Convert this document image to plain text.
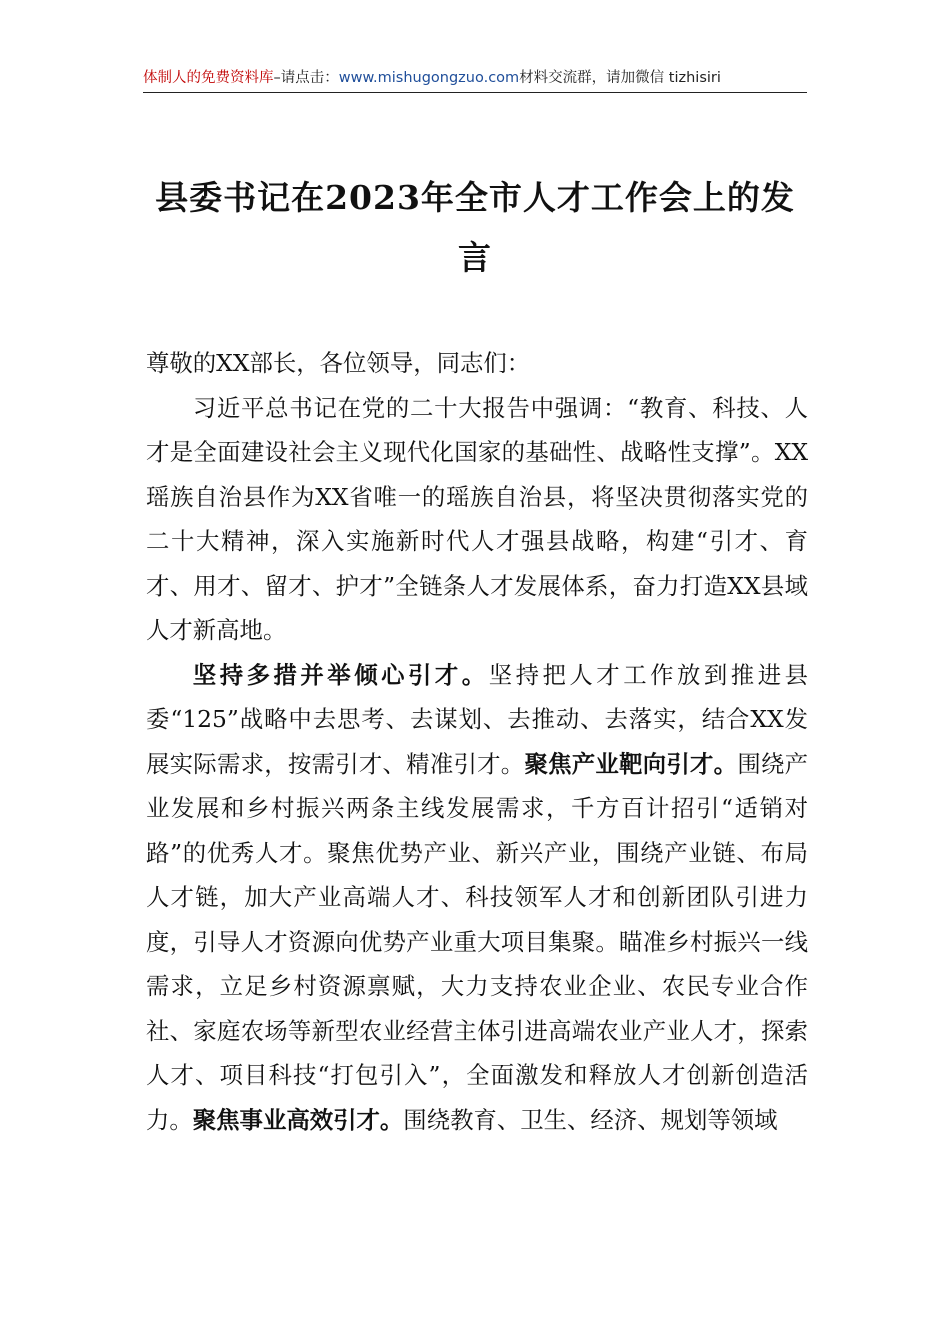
体制人的免费资料库–请点击：www.mishugongzuo.com材料交流群，请加微信 tizhisiri
县委书记在2023年全市人才工作会上的发言

尊敬的XX部长，各位领导，同志们：

习近平总书记在党的二十大报告中强调：“教育、科技、人才是全面建设社会主义现代化国家的基础性、战略性支撑”。XX瑶族自治县作为XX省唯一的瑶族自治县，将坚决贯彻落实党的二十大精神，深入实施新时代人才强县战略，构建“引才、育才、用才、留才、护才”全链条人才发展体系，奋力打造XX县域人才新高地。

坚持多措并举倾心引才。坚持把人才工作放到推进县委“125”战略中去思考、去谋划、去推动、去落实，结合XX发展实际需求，按需引才、精准引才。聚焦产业靶向引才。围绕产业发展和乡村振兴两条主线发展需求，千方百计招引“适销对路”的优秀人才。聚焦优势产业、新兴产业，围绕产业链、布局人才链，加大产业高端人才、科技领军人才和创新团队引进力度，引导人才资源向优势产业重大项目集聚。瞄准乡村振兴一线需求，立足乡村资源禀赋，大力支持农业企业、农民专业合作社、家庭农场等新型农业经营主体引进高端农业产业人才，探索人才、项目科技“打包引入”，全面激发和释放人才创新创造活力。聚焦事业高效引才。围绕教育、卫生、经济、规划等领域
